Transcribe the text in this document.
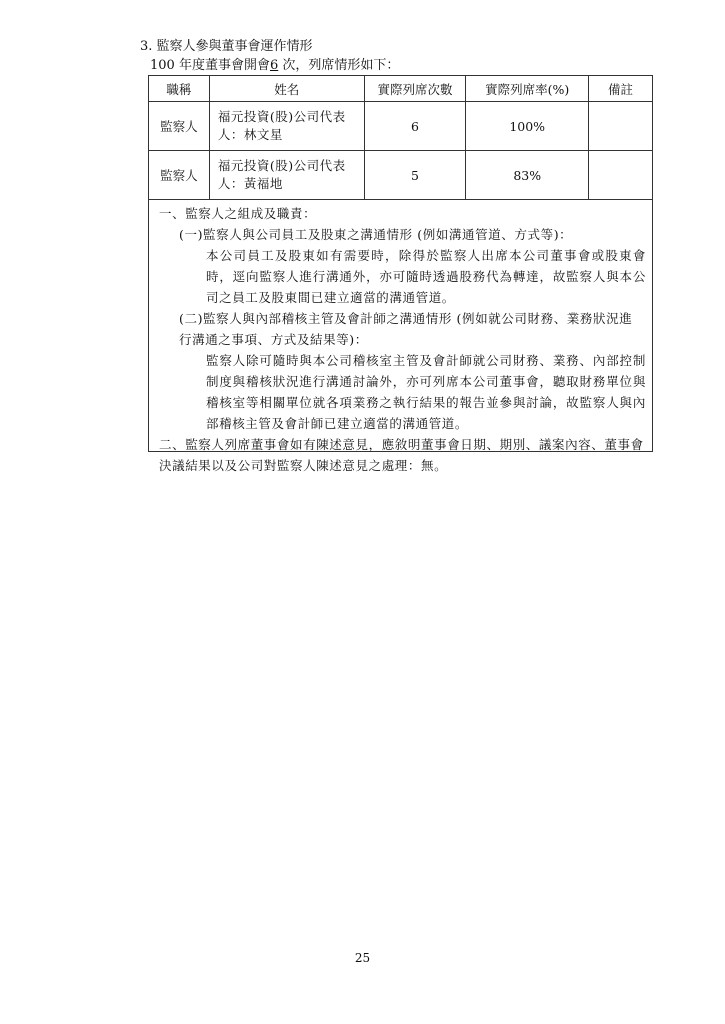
3. 監察人參與董事會運作情形
100 年度董事會開會6 次，列席情形如下：
職稱	姓名	實際列席次數	實際列席率(%)	備註
監察人	福元投資(股)公司代表人：林文星	6	100%	
監察人	福元投資(股)公司代表人：黃福地	5	83%	
一、監察人之組成及職責：
(一)監察人與公司員工及股東之溝通情形 (例如溝通管道、方式等)：
本公司員工及股東如有需要時，除得於監察人出席本公司董事會或股東會時，逕向監察人進行溝通外，亦可隨時透過股務代為轉達，故監察人與本公司之員工及股東間已建立適當的溝通管道。
(二)監察人與內部稽核主管及會計師之溝通情形 (例如就公司財務、業務狀況進行溝通之事項、方式及結果等)：
監察人除可隨時與本公司稽核室主管及會計師就公司財務、業務、內部控制制度與稽核狀況進行溝通討論外，亦可列席本公司董事會，聽取財務單位與稽核室等相關單位就各項業務之執行結果的報告並參與討論，故監察人與內部稽核主管及會計師已建立適當的溝通管道。
二、監察人列席董事會如有陳述意見，應敘明董事會日期、期別、議案內容、董事會決議結果以及公司對監察人陳述意見之處理：無。
25
